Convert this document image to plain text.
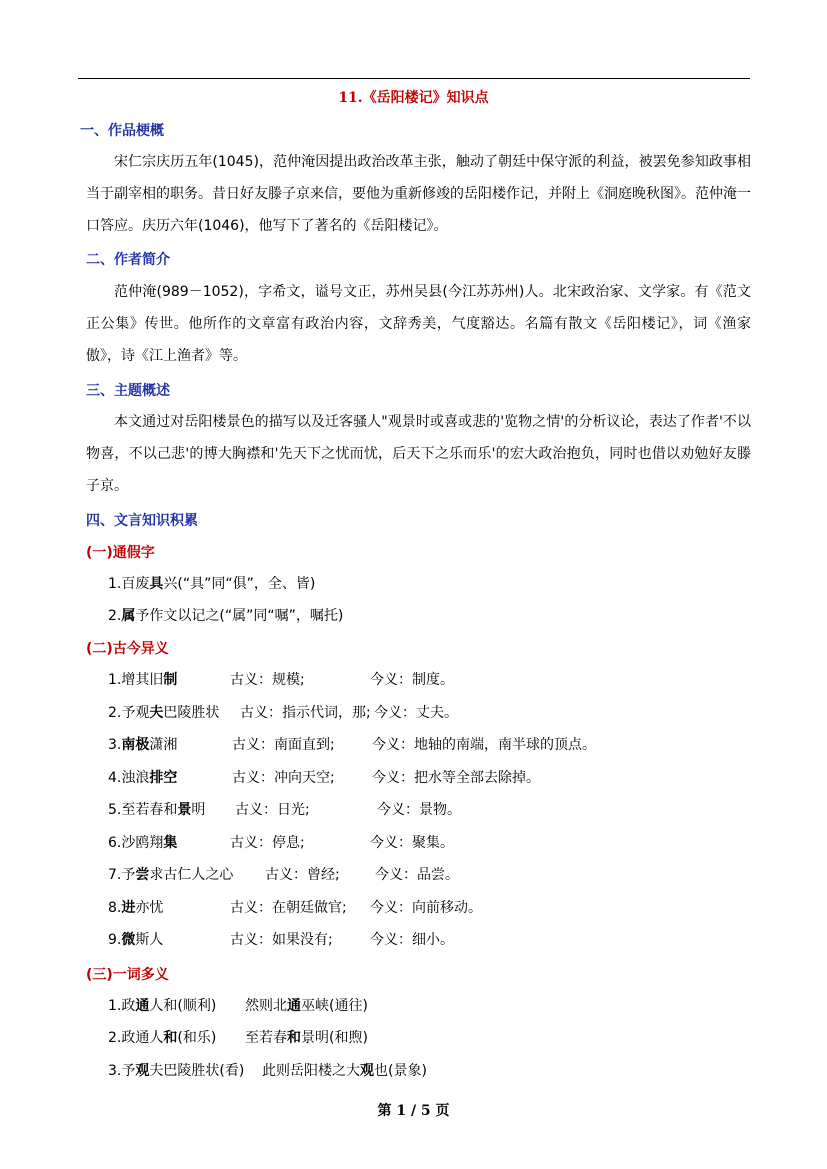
11.《岳阳楼记》知识点
一、作品梗概
宋仁宗庆历五年(1045)，范仲淹因提出政治改革主张，触动了朝廷中保守派的利益，被罢免参知政事相当于副宰相的职务。昔日好友滕子京来信，要他为重新修竣的岳阳楼作记，并附上《洞庭晚秋图》。范仲淹一口答应。庆历六年(1046)，他写下了著名的《岳阳楼记》。
二、作者简介
范仲淹(989－1052)，字希文，谥号文正，苏州吴县(今江苏苏州)人。北宋政治家、文学家。有《范文正公集》传世。他所作的文章富有政治内容，文辞秀美，气度豁达。名篇有散文《岳阳楼记》，词《渔家傲》，诗《江上渔者》等。
三、主题概述
本文通过对岳阳楼景色的描写以及迁客骚人"观景时或喜或悲的'览物之情'的分析议论，表达了作者'不以物喜，不以己悲'的博大胸襟和'先天下之忧而忧，后天下之乐而乐'的宏大政治抱负，同时也借以劝勉好友滕子京。
四、文言知识积累
(一)通假字
1.百废具兴(“具”同“俱”，全、皆)
2.属予作文以记之(“属”同“嘱”，嘱托)
(二)古今异义
1.增其旧制	古义：规模;	今义：制度。
2.予观夫巴陵胜状 古义：指示代词，那; 今义：丈夫。
3.南极潇湘	古义：南面直到;	今义：地轴的南端，南半球的顶点。
4.浊浪排空	古义：冲向天空;	今义：把水等全部去除掉。
5.至若春和景明 古义：日光;	今义：景物。
6.沙鸥翔集	古义：停息;	今义：聚集。
7.予尝求古仁人之心 古义：曾经;	今义：品尝。
8.进亦忧	古义：在朝廷做官; 今义：向前移动。
9.微斯人	古义：如果没有;	今义：细小。
(三)一词多义
1.政通人和(顺利) 然则北通巫峡(通往)
2.政通人和(和乐) 至若春和景明(和煦)
3.予观夫巴陵胜状(看) 此则岳阳楼之大观也(景象)
第 1 / 5 页
